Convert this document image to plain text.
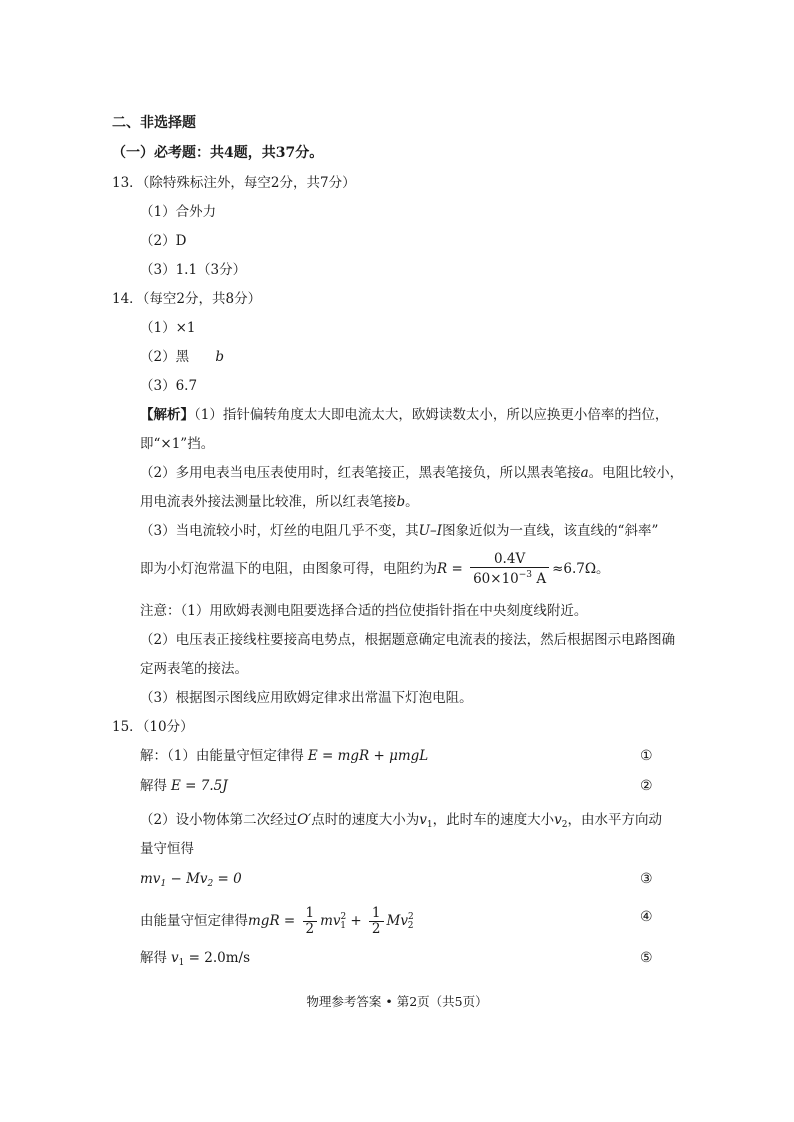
二、非选择题
（一）必考题：共4题，共37分。
13．（除特殊标注外，每空2分，共7分）
（1）合外力
（2）D
（3）1.1（3分）
14．（每空2分，共8分）
（1）×1
（2）黑 b
（3）6.7
【解析】（1）指针偏转角度太大即电流太大，欧姆读数太小，所以应换更小倍率的挡位，
即“×1”挡。
（2）多用电表当电压表使用时，红表笔接正，黑表笔接负，所以黑表笔接a。电阻比较小，
用电流表外接法测量比较准，所以红表笔接b。
（3）当电流较小时，灯丝的电阻几乎不变，其U–I图象近似为一直线，该直线的“斜率”
即为小灯泡常温下的电阻，由图象可得，电阻约为$R = \frac{0.4V}{60\times 10^{-3} A} \approx 6.7\Omega$。
注意：（1）用欧姆表测电阻要选择合适的挡位使指针指在中央刻度线附近。
（2）电压表正接线柱要接高电势点，根据题意确定电流表的接法，然后根据图示电路图确
定两表笔的接法。
（3）根据图示图线应用欧姆定律求出常温下灯泡电阻。
15．（10分）
解：（1）由能量守恒定律得 E = mgR + μmgL	①
解得 E = 7.5J	②
（2）设小物体第二次经过O′点时的速度大小为$v_1$，此时车的速度大小$v_2$，由水平方向动
量守恒得
$mv_1 - Mv_2 = 0$	③
由能量守恒定律得mgR = $\frac{1}{2} mv^2_1 + \frac{1}{2} Mv^2_2$
④
解得 $v_1 = 2.0m/s$	⑤
物理参考答案 • 第2页（共5页）
